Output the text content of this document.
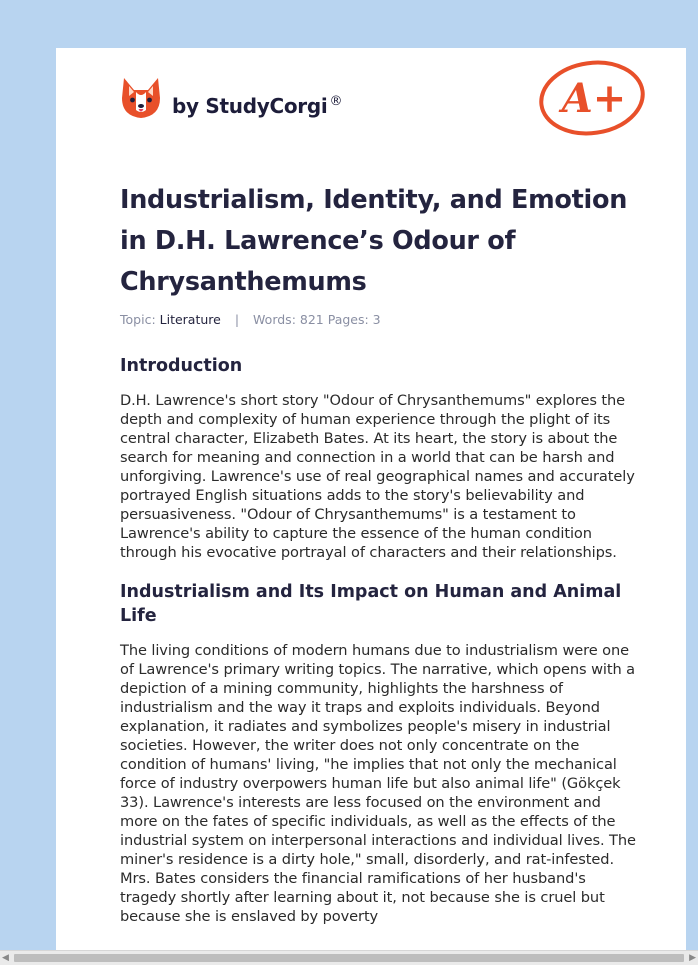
by StudyCorgi ®	A+
Industrialism, Identity, and Emotion in D.H. Lawrence’s Odour of Chrysanthemums
Topic: Literature | Words: 821 Pages: 3
Introduction

D.H. Lawrence's short story "Odour of Chrysanthemums" explores the depth and complexity of human experience through the plight of its central character, Elizabeth Bates. At its heart, the story is about the search for meaning and connection in a world that can be harsh and unforgiving. Lawrence's use of real geographical names and accurately portrayed English situations adds to the story's believability and persuasiveness. "Odour of Chrysanthemums" is a testament to Lawrence's ability to capture the essence of the human condition through his evocative portrayal of characters and their relationships.

Industrialism and Its Impact on Human and Animal Life

The living conditions of modern humans due to industrialism were one of Lawrence's primary writing topics. The narrative, which opens with a depiction of a mining community, highlights the harshness of industrialism and the way it traps and exploits individuals. Beyond explanation, it radiates and symbolizes people's misery in industrial societies. However, the writer does not only concentrate on the condition of humans' living, "he implies that not only the mechanical force of industry overpowers human life but also animal life" (Gökçek 33). Lawrence's interests are less focused on the environment and more on the fates of specific individuals, as well as the effects of the industrial system on interpersonal interactions and individual lives. The miner's residence is a dirty hole," small, disorderly, and rat-infested. Mrs. Bates considers the financial ramifications of her husband's tragedy shortly after learning about it, not because she is cruel but because she is enslaved by poverty

◀	▶
